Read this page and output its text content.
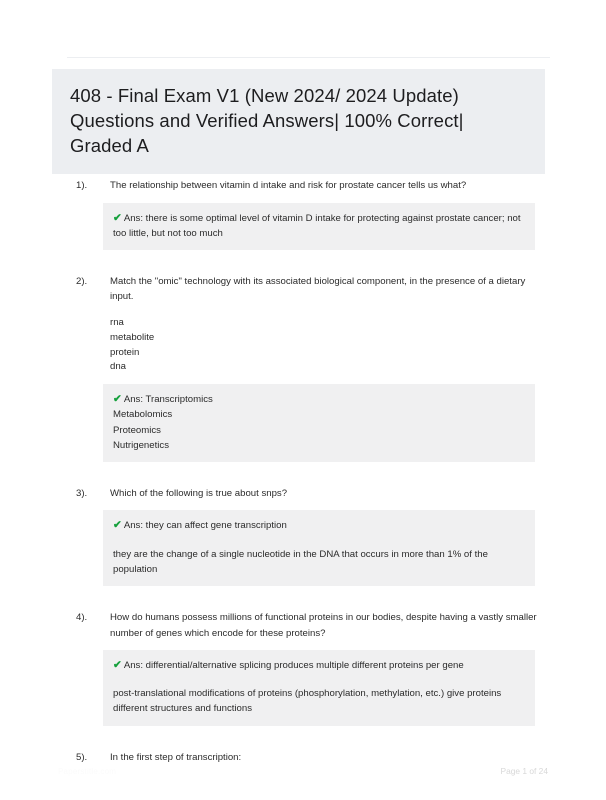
408 - Final Exam V1 (New 2024/ 2024 Update) Questions and Verified Answers| 100% Correct| Graded A
1).	The relationship between vitamin d intake and risk for prostate cancer tells us what?
✔ Ans: there is some optimal level of vitamin D intake for protecting against prostate cancer; not too little, but not too much
2).	Match the "omic" technology with its associated biological component, in the presence of a dietary input.
rna
metabolite
protein
dna
✔ Ans: Transcriptomics
Metabolomics
Proteomics
Nutrigenetics
3).	Which of the following is true about snps?
✔ Ans: they can affect gene transcription
they are the change of a single nucleotide in the DNA that occurs in more than 1% of the population
4).	How do humans possess millions of functional proteins in our bodies, despite having a vastly smaller number of genes which encode for these proteins?
✔ Ans: differential/alternative splicing produces multiple different proteins per gene
post-translational modifications of proteins (phosphorylation, methylation, etc.) give proteins different structures and functions
5).	In the first step of transcription:
Paperstitle.com	Page 1 of 24
